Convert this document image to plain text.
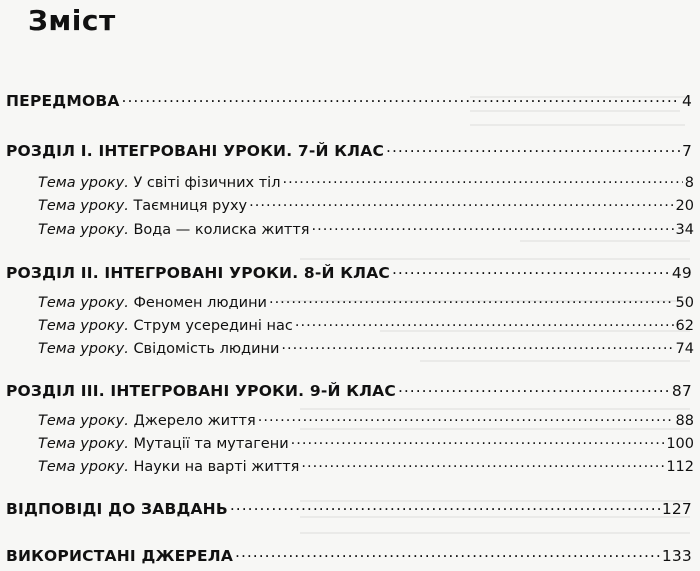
Зміст
ПЕРЕДМОВА .....	4
РОЗДІЛ І. ІНТЕГРОВАНІ УРОКИ. 7-Й КЛАС .....	7
Тема уроку. У світі фізичних тіл .....	8
Тема уроку. Таємниця руху .....	20
Тема уроку. Вода — колиска життя .....	34
РОЗДІЛ ІІ. ІНТЕГРОВАНІ УРОКИ. 8-Й КЛАС .....	49
Тема уроку. Феномен людини .....	50
Тема уроку. Струм усередині нас .....	62
Тема уроку. Свідомість людини .....	74
РОЗДІЛ ІІІ. ІНТЕГРОВАНІ УРОКИ. 9-Й КЛАС .....	87
Тема уроку. Джерело життя .....	88
Тема уроку. Мутації та мутагени .....	100
Тема уроку. Науки на варті життя .....	112
ВІДПОВІДІ ДО ЗАВДАНЬ .....	127
ВИКОРИСТАНІ ДЖЕРЕЛА .....	133
